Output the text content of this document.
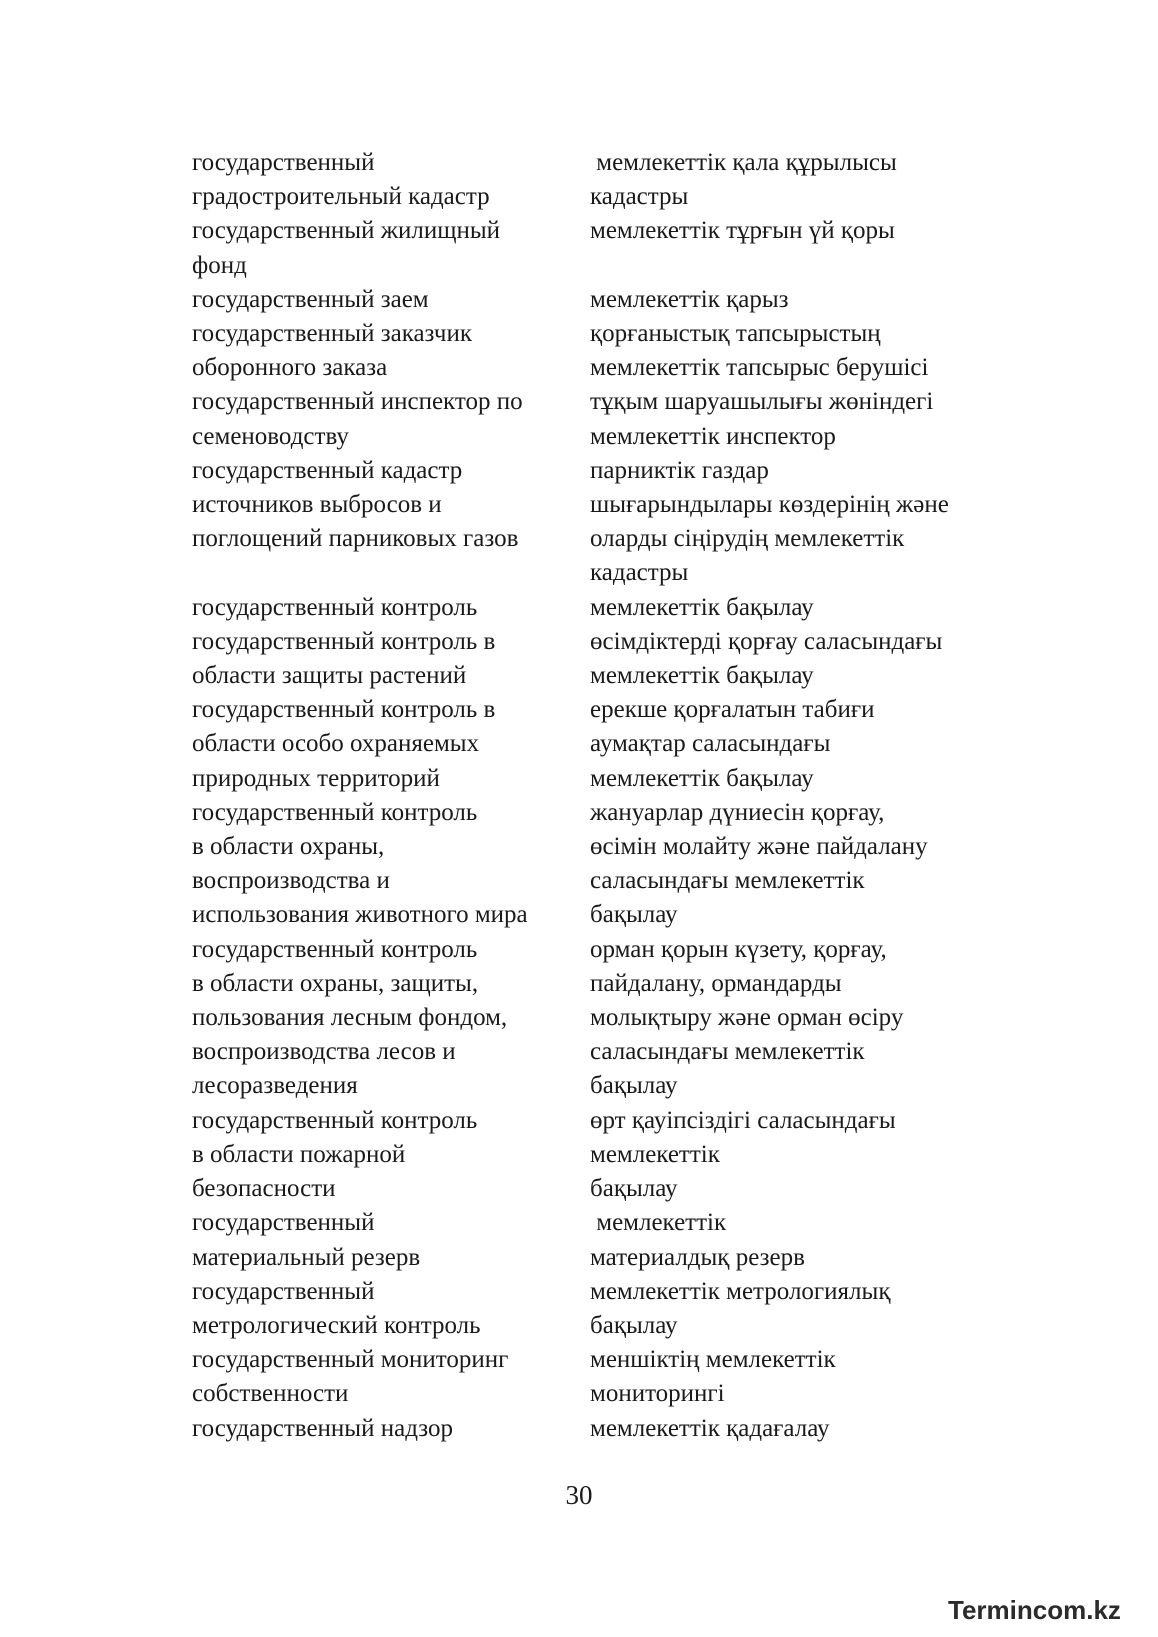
государственный	мемлекеттік қала құрылысы
градостроительный кадастр	кадастры
государственный жилищный	мемлекеттік тұрғын үй қоры
фонд
государственный заем	мемлекеттік қарыз
государственный заказчик	қорғаныстық тапсырыстың
оборонного заказа	мемлекеттік тапсырыс берушісі
государственный инспектор по	тұқым шаруашылығы жөніндегі
семеноводству	мемлекеттік инспектор
государственный кадастр	парниктік газдар
источников выбросов и	шығарындылары көздерінің және
поглощений парниковых газов	оларды сіңірудің мемлекеттік
кадастры
государственный контроль	мемлекеттік бақылау
государственный контроль в	өсімдіктерді қорғау саласындағы
области защиты растений	мемлекеттік бақылау
государственный контроль в	ерекше қорғалатын табиғи
области особо охраняемых	аумақтар саласындағы
природных территорий	мемлекеттік бақылау
государственный контроль	жануарлар дүниесін қорғау,
в области охраны,	өсімін молайту және пайдалану
воспроизводства и	саласындағы мемлекеттік
использования животного мира	бақылау
государственный контроль	орман қорын күзету, қорғау,
в области охраны, защиты,	пайдалану, ормандарды
пользования лесным фондом,	молықтыру және орман өсіру
воспроизводства лесов и	саласындағы мемлекеттік
лесоразведения	бақылау
государственный контроль	өрт қауіпсіздігі саласындағы
в области пожарной	мемлекеттік
безопасности	бақылау
государственный	мемлекеттік
материальный резерв	материалдық резерв
государственный	мемлекеттік метрологиялық
метрологический контроль	бақылау
государственный мониторинг	меншіктің мемлекеттік
собственности	мониторингі
государственный надзор	мемлекеттік қадағалау
30
Termincom.kz
